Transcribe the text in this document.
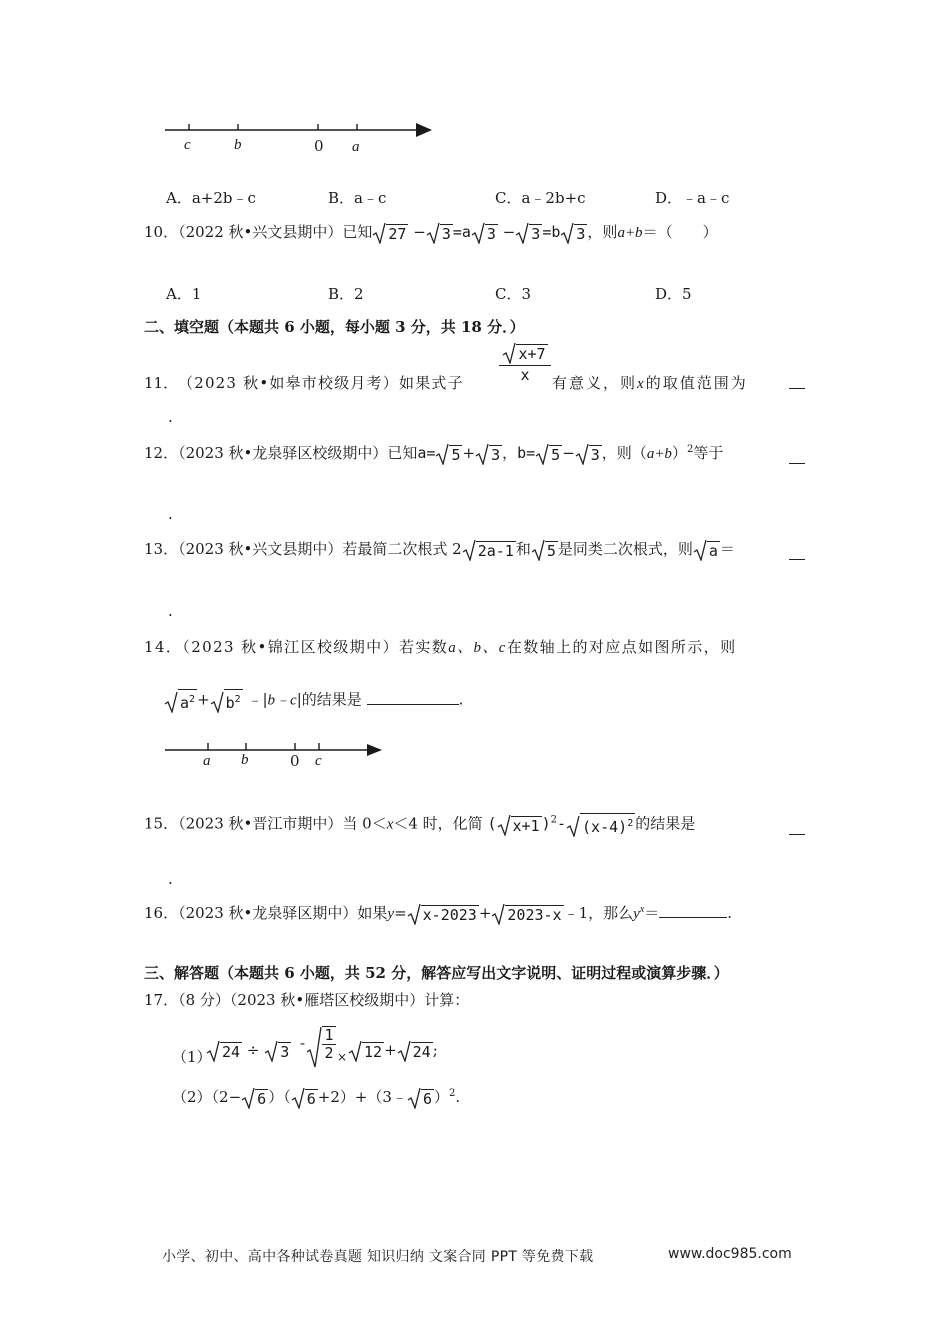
c	b	0 a
A．a+2b﹣c	B．a﹣c	C．a﹣2b+c	D．﹣a﹣c
10．（2022 秋•兴文县期中）已知 27 − 3 =a 3 − 3 =b 3 ，则a+b＝（　　）
A．1	B．2	C．3	D．5
二、填空题（本题共 6 小题，每小题 3 分，共 18 分．）
11． （2023 秋•如皋市校级月考）如果式子
x+7
x	有意义，则x的取值范围为
.
12．（2023 秋•龙泉驿区校级期中）已知a= 5 + 3 ，b= 5 − 3 ，则$(a+b)^2$等于
.
13．（2023 秋•兴文县期中）若最简二次根式 2 2a-1 和 5 是同类二次根式，则 a ＝
.
14．（2023 秋•锦江区校级期中）若实数a、b、c在数轴上的对应点如图所示，则
$a^2 + b^2$ ﹣|b﹣c|的结果是	.
a b	0 c
15．（2023 秋•晋江市期中）当 0＜x＜4 时，化简 ( x+1 )$^2$- $(x-4)^2$ 的结果是
.
16．（2023 秋•龙泉驿区期中）如果y= x-2023 + 2023-x ﹣1，那么$y^x=$	.
三、解答题（本题共 6 小题，共 52 分，解答应写出文字说明、证明过程或演算步骤．）
17．（8 分）（2023 秋•雁塔区校级期中）计算：
（1） 24 ÷ 3 - 1
2 × 12 + 24 ;
（2）（2− 6 ）（ 6 +2）+（3﹣ 6 ）$^2$.
小学、初中、高中各种试卷真题 知识归纳 文案合同 PPT 等免费下载	www.doc985.com
